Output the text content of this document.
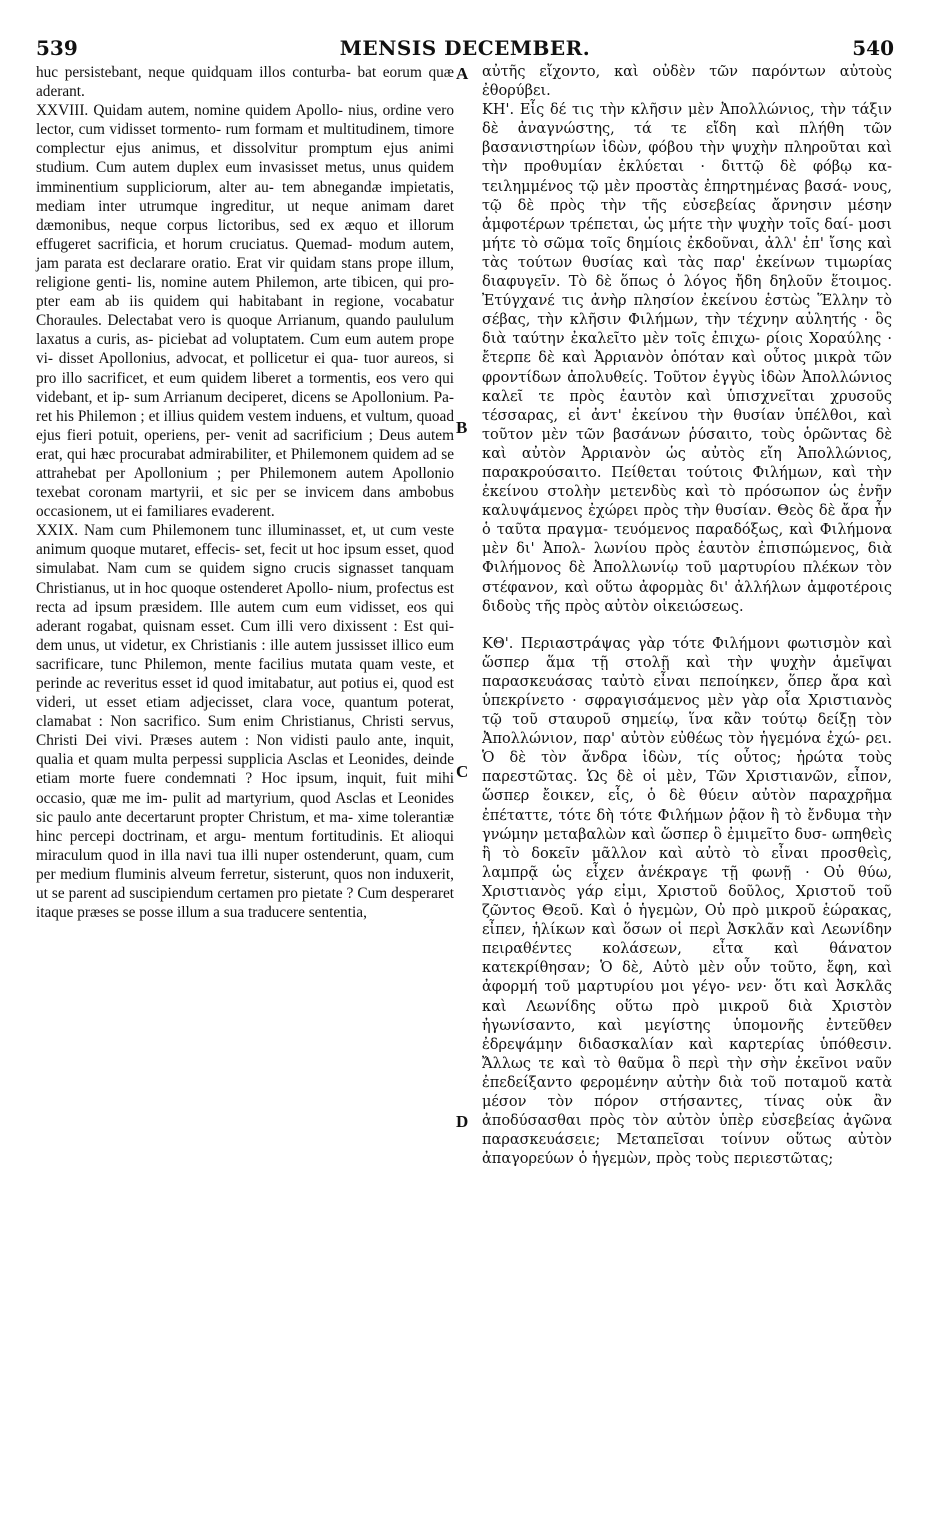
539	MENSIS DECEMBER.	540

huc persistebant, neque quidquam illos conturba- bat eorum quæ aderant.

XXVIII. Quidam autem, nomine quidem Apollo- nius, ordine vero lector, cum vidisset tormento- rum formam et multitudinem, timore complectur ejus animus, et dissolvitur promptum ejus animi studium. Cum autem duplex eum invasisset metus, unus quidem imminentium suppliciorum, alter au- tem abnegandæ impietatis, mediam inter utrumque ingreditur, ut neque animam daret dæmonibus, neque corpus lictoribus, sed ex æquo et illorum effugeret sacrificia, et horum cruciatus. Quemad- modum autem, jam parata est declarare oratio. Erat vir quidam stans prope illum, religione genti- lis, nomine autem Philemon, arte tibicen, qui pro- pter eam ab iis quidem qui habitabant in regione, vocabatur Choraules. Delectabat vero is quoque Arrianum, quando paululum laxatus a curis, as- piciebat ad voluptatem. Cum eum autem prope vi- disset Apollonius, advocat, et pollicetur ei qua- tuor aureos, si pro illo sacrificet, et eum quidem liberet a tormentis, eos vero qui videbant, et ip- sum Arrianum deciperet, dicens se Apollonium. Pa- ret his Philemon ; et illius quidem vestem induens, et vultum, quoad ejus fieri potuit, operiens, per- venit ad sacrificium ; Deus autem erat, qui hæc procurabat admirabiliter, et Philemonem quidem ad se attrahebat per Apollonium ; per Philemonem autem Apollonio texebat coronam martyrii, et sic per se invicem dans ambobus occasionem, ut ei familiares evaderent.

XXIX. Nam cum Philemonem tunc illuminasset, et, ut cum veste animum quoque mutaret, effecis- set, fecit ut hoc ipsum esset, quod simulabat. Nam cum se quidem signo crucis signasset tanquam Christianus, ut in hoc quoque ostenderet Apollo- nium, profectus est recta ad ipsum præsidem. Ille autem cum eum vidisset, eos qui aderant rogabat, quisnam esset. Cum illi vero dixissent : Est qui- dem unus, ut videtur, ex Christianis : ille autem jussisset illico eum sacrificare, tunc Philemon, mente facilius mutata quam veste, et perinde ac reveritus esset id quod imitabatur, aut potius ei, quod est videri, ut esset etiam adjecisset, clara voce, quantum poterat, clamabat : Non sacrifico. Sum enim Christianus, Christi servus, Christi Dei vivi. Præses autem : Non vidisti paulo ante, inquit, qualia et quam multa perpessi supplicia Asclas et Leonides, deinde etiam morte fuere condemnati ? Hoc ipsum, inquit, fuit mihi occasio, quæ me im- pulit ad martyrium, quod Asclas et Leonides sic paulo ante decertarunt propter Christum, et ma- xime tolerantiæ hinc percepi doctrinam, et argu- mentum fortitudinis. Et alioqui miraculum quod in illa navi tua illi nuper ostenderunt, quam, cum per medium fluminis alveum ferretur, sisterunt, quos non induxerit, ut se parent ad suscipiendum certamen pro pietate ? Cum desperaret itaque præses se posse illum a sua traducere sententia,

A
B
C
D

αὐτῆς εἴχοντο, καὶ οὐδὲν τῶν παρόντων αὐτοὺς ἐθορύβει.

ΚΗ'. Εἷς δέ τις τὴν κλῆσιν μὲν Ἀπολλώνιος, τὴν τάξιν δὲ ἀναγνώστης, τά τε εἴδη καὶ πλήθη τῶν βασανιστηρίων ἰδὼν, φόβου τὴν ψυχὴν πληροῦται καὶ τὴν προθυμίαν ἐκλύεται · διττῷ δὲ φόβῳ κα- τειλημμένος τῷ μὲν προστὰς ἐπηρτημένας βασά- νους, τῷ δὲ πρὸς τὴν τῆς εὐσεβείας ἄρνησιν μέσην ἀμφοτέρων τρέπεται, ὡς μήτε τὴν ψυχὴν τοῖς δαί- μοσι μήτε τὸ σῶμα τοῖς δημίοις ἐκδοῦναι, ἀλλ' ἐπ' ἴσης καὶ τὰς τούτων θυσίας καὶ τὰς παρ' ἐκείνων τιμωρίας διαφυγεῖν. Τὸ δὲ ὅπως ὁ λόγος ἤδη δηλοῦν ἕτοιμος. Ἐτύγχανέ τις ἀνὴρ πλησίον ἐκείνου ἑστὼς Ἕλλην τὸ σέβας, τὴν κλῆσιν Φιλήμων, τὴν τέχνην αὐλητής · ὃς διὰ ταύτην ἐκαλεῖτο μὲν τοῖς ἐπιχω- ρίοις Χοραύλης · ἔτερπε δὲ καὶ Ἀρριανὸν ὁπόταν καὶ οὗτος μικρὰ τῶν φροντίδων ἀπολυθείς. Τοῦτον ἐγγὺς ἰδὼν Ἀπολλώνιος καλεῖ τε πρὸς ἑαυτὸν καὶ ὑπισχνεῖται χρυσοῦς τέσσαρας, εἰ ἀντ' ἐκείνου τὴν θυσίαν ὑπέλθοι, καὶ τοῦτον μὲν τῶν βασάνων ῥύσαιτο, τοὺς ὁρῶντας δὲ καὶ αὐτὸν Ἀρριανὸν ὡς αὐτὸς εἴη Ἀπολλώνιος, παρακρούσαιτο. Πείθεται τούτοις Φιλήμων, καὶ τὴν ἐκείνου στολὴν μετενδὺς καὶ τὸ πρόσωπον ὡς ἐνῆν καλυψάμενος ἐχώρει πρὸς τὴν θυσίαν. Θεὸς δὲ ἄρα ἦν ὁ ταῦτα πραγμα- τευόμενος παραδόξως, καὶ Φιλήμονα μὲν δι' Ἀπολ- λωνίου πρὸς ἑαυτὸν ἐπισπώμενος, διὰ Φιλήμονος δὲ Ἀπολλωνίῳ τοῦ μαρτυρίου πλέκων τὸν στέφανον, καὶ οὕτω ἀφορμὰς δι' ἀλλήλων ἀμφοτέροις διδοὺς τῆς πρὸς αὐτὸν οἰκειώσεως.

ΚΘ'. Περιαστράψας γὰρ τότε Φιλήμονι φωτισμὸν καὶ ὥσπερ ἅμα τῇ στολῇ καὶ τὴν ψυχὴν ἀμεῖψαι παρασκευάσας ταὐτὸ εἶναι πεποίηκεν, ὅπερ ἄρα καὶ ὑπεκρίνετο · σφραγισάμενος μὲν γὰρ οἷα Χριστιανὸς τῷ τοῦ σταυροῦ σημείῳ, ἵνα κἂν τούτῳ δείξῃ τὸν Ἀπολλώνιον, παρ' αὐτὸν εὐθέως τὸν ἡγεμόνα ἐχώ- ρει. Ὁ δὲ τὸν ἄνδρα ἰδὼν, τίς οὗτος; ἠρώτα τοὺς παρεστῶτας. Ὡς δὲ οἱ μὲν, Τῶν Χριστιανῶν, εἶπον, ὥσπερ ἔοικεν, εἷς, ὁ δὲ θύειν αὐτὸν παραχρῆμα ἐπέταττε, τότε δὴ τότε Φιλήμων ῥᾷον ἢ τὸ ἔνδυμα τὴν γνώμην μεταβαλὼν καὶ ὥσπερ ὃ ἐμιμεῖτο δυσ- ωπηθεὶς ἢ τὸ δοκεῖν μᾶλλον καὶ αὐτὸ τὸ εἶναι προσθεὶς, λαμπρᾷ ὡς εἶχεν ἀνέκραγε τῇ φωνῇ · Οὐ θύω, Χριστιανὸς γάρ εἰμι, Χριστοῦ δοῦλος, Χριστοῦ τοῦ ζῶντος Θεοῦ. Καὶ ὁ ἡγεμὼν, Οὐ πρὸ μικροῦ ἑώρακας, εἶπεν, ἡλίκων καὶ ὅσων οἱ περὶ Ἀσκλᾶν καὶ Λεωνίδην πειραθέντες κολάσεων, εἶτα καὶ θάνατον κατεκρίθησαν; Ὁ δὲ, Αὐτὸ μὲν οὖν τοῦτο, ἔφη, καὶ ἀφορμή τοῦ μαρτυρίου μοι γέγο- νεν· ὅτι καὶ Ἀσκλᾶς καὶ Λεωνίδης οὕτω πρὸ μικροῦ διὰ Χριστὸν ἠγωνίσαντο, καὶ μεγίστης ὑπομονῆς ἐντεῦθεν ἐδρεψάμην διδασκαλίαν καὶ καρτερίας ὑπόθεσιν. Ἄλλως τε καὶ τὸ θαῦμα ὃ περὶ τὴν σὴν ἐκεῖνοι ναῦν ἐπεδείξαντο φερομένην αὐτὴν διὰ τοῦ ποταμοῦ κατὰ μέσον τὸν πόρον στήσαντες, τίνας οὐκ ἂν ἀποδύσασθαι πρὸς τὸν αὐτὸν ὑπὲρ εὐσεβείας ἀγῶνα παρασκευάσειε; Μεταπεῖσαι τοίνυν οὕτως αὐτὸν ἀπαγορεύων ὁ ἡγεμὼν, πρὸς τοὺς περιεστῶτας;
